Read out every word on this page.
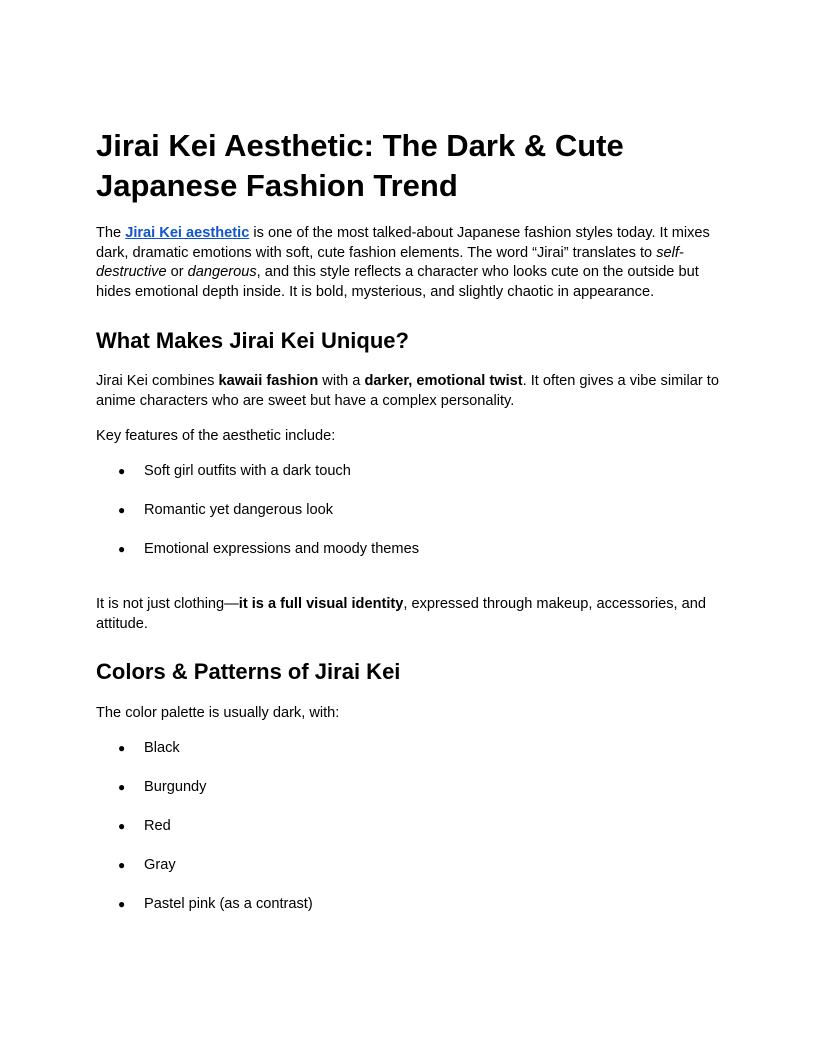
Jirai Kei Aesthetic: The Dark & Cute Japanese Fashion Trend

The Jirai Kei aesthetic is one of the most talked-about Japanese fashion styles today. It mixes dark, dramatic emotions with soft, cute fashion elements. The word “Jirai” translates to self-destructive or dangerous, and this style reflects a character who looks cute on the outside but hides emotional depth inside. It is bold, mysterious, and slightly chaotic in appearance.

What Makes Jirai Kei Unique?

Jirai Kei combines kawaii fashion with a darker, emotional twist. It often gives a vibe similar to anime characters who are sweet but have a complex personality.

Key features of the aesthetic include:

● Soft girl outfits with a dark touch
● Romantic yet dangerous look
● Emotional expressions and moody themes

It is not just clothing—it is a full visual identity, expressed through makeup, accessories, and attitude.

Colors & Patterns of Jirai Kei

The color palette is usually dark, with:

● Black
● Burgundy
● Red
● Gray
● Pastel pink (as a contrast)
